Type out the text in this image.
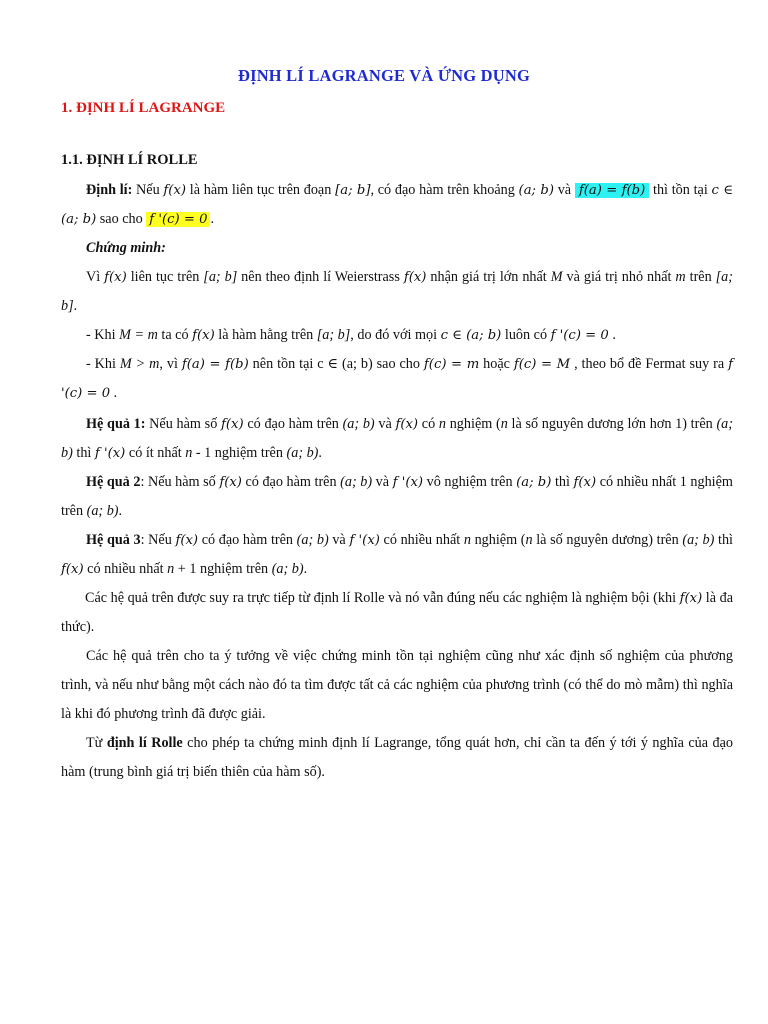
ĐỊNH LÍ LAGRANGE VÀ ỨNG DỤNG
1. ĐỊNH LÍ LAGRANGE
1.1. ĐỊNH LÍ ROLLE

Định lí: Nếu f(x) là hàm liên tục trên đoạn [a; b], có đạo hàm trên khoảng (a; b) và f(a) = f(b) thì tồn tại c ∈ (a; b) sao cho f '(c) = 0 .

Chứng minh:

Vì f(x) liên tục trên [a; b] nên theo định lí Weierstrass f(x) nhận giá trị lớn nhất M và giá trị nhỏ nhất m trên [a; b].

- Khi M = m ta có f(x) là hàm hằng trên [a; b], do đó với mọi c ∈ (a; b) luôn có f '(c) = 0 .

- Khi M > m, vì f(a) = f(b) nên tồn tại c ∈ (a; b) sao cho f(c) = m hoặc f(c) = M , theo bổ đề Fermat suy ra f '(c) = 0 .

Hệ quả 1: Nếu hàm số f(x) có đạo hàm trên (a; b) và f(x) có n nghiệm (n là số nguyên dương lớn hơn 1) trên (a; b) thì f '(x) có ít nhất n - 1 nghiệm trên (a; b).

Hệ quả 2: Nếu hàm số f(x) có đạo hàm trên (a; b) và f '(x) vô nghiệm trên (a; b) thì f(x) có nhiều nhất 1 nghiệm trên (a; b).

Hệ quả 3: Nếu f(x) có đạo hàm trên (a; b) và f '(x) có nhiều nhất n nghiệm (n là số nguyên dương) trên (a; b) thì f(x) có nhiều nhất n + 1 nghiệm trên (a; b).

Các hệ quả trên được suy ra trực tiếp từ định lí Rolle và nó vẫn đúng nếu các nghiệm là nghiệm bội (khi f(x) là đa thức).

Các hệ quả trên cho ta ý tưởng về việc chứng minh tồn tại nghiệm cũng như xác định số nghiệm của phương trình, và nếu như bằng một cách nào đó ta tìm được tất cả các nghiệm của phương trình (có thể do mò mẫm) thì nghĩa là khi đó phương trình đã được giải.

Từ định lí Rolle cho phép ta chứng minh định lí Lagrange, tổng quát hơn, chỉ cần ta đến ý tới ý nghĩa của đạo hàm (trung bình giá trị biến thiên của hàm số).
